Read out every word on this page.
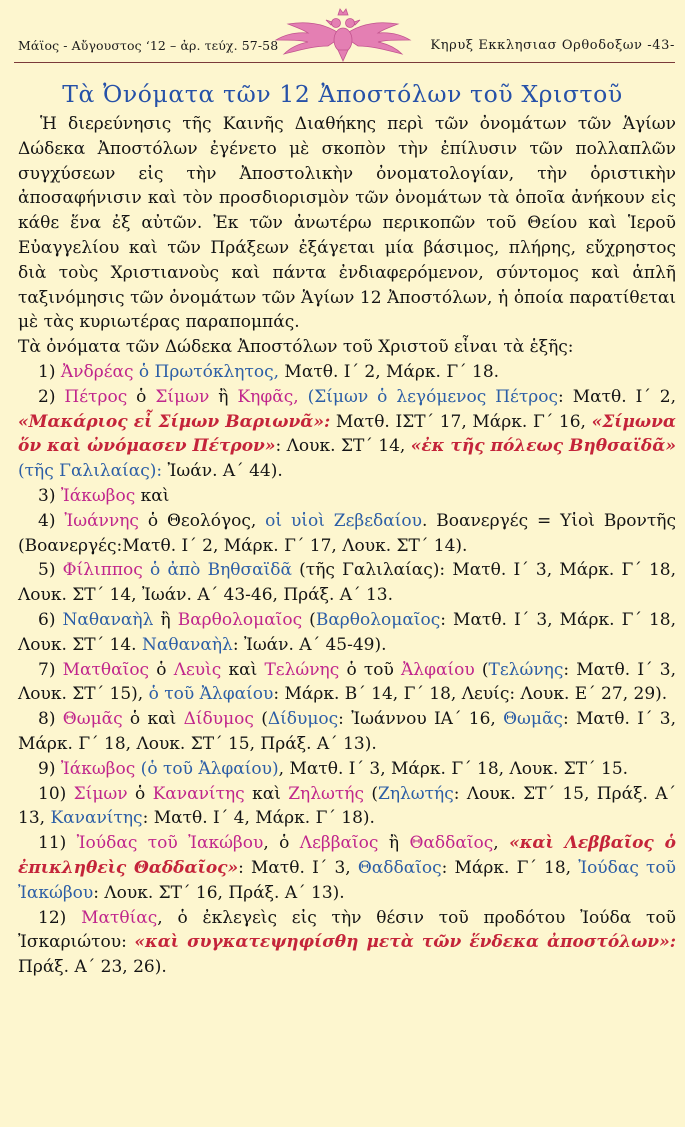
Μάϊος - Αὔγουστος ‘12 – ἀρ. τεύχ. 57-58	Κηρυξ Εκκλησιασ Ορθοδοξων -43-
Τὰ Ὀνόματα τῶν 12 Ἀποστόλων τοῦ Χριστοῦ

Ἡ διερεύνησις τῆς Καινῆς Διαθήκης περὶ τῶν ὀνομάτων τῶν Ἁγίων Δώδεκα Ἀποστόλων ἐγένετο μὲ σκοπὸν τὴν ἐπίλυσιν τῶν πολλαπλῶν συγχύσεων εἰς τὴν Ἀποστολικὴν ὀνοματολογίαν, τὴν ὁριστικὴν ἀποσαφήνισιν καὶ τὸν προσδιορισμὸν τῶν ὀνομάτων τὰ ὁποῖα ἀνήκουν εἰς κάθε ἕνα ἐξ αὐτῶν. Ἐκ τῶν ἀνωτέρω περικοπῶν τοῦ Θείου καὶ Ἱεροῦ Εὐαγγελίου καὶ τῶν Πράξεων ἐξάγεται μία βάσιμος, πλήρης, εὔχρηστος διὰ τοὺς Χριστιανοὺς καὶ πάντα ἐνδιαφερόμενον, σύντομος καὶ ἁπλῆ ταξινόμησις τῶν ὀνομάτων τῶν Ἁγίων 12 Ἀποστόλων, ἡ ὁποία παρατίθεται μὲ τὰς κυριωτέρας παραπομπάς.

Τὰ ὀνόματα τῶν Δώδεκα Ἀποστόλων τοῦ Χριστοῦ εἶναι τὰ ἑξῆς:

1) Ἀνδρέας ὁ Πρωτόκλητος, Ματθ. Ι΄ 2, Μάρκ. Γ΄ 18.

2) Πέτρος ὁ Σίμων ἢ Κηφᾶς, (Σίμων ὁ λεγόμενος Πέτρος: Ματθ. Ι΄ 2, «Μακάριος εἶ Σίμων Βαριωνᾶ»: Ματθ. ΙΣΤ΄ 17, Μάρκ. Γ΄ 16, «Σίμωνα ὅν καὶ ὠνόμασεν Πέτρον»: Λουκ. ΣΤ΄ 14, «ἐκ τῆς πόλεως Βηθσαϊδᾶ» (τῆς Γαλιλαίας): Ἰωάν. Α΄ 44).

3) Ἰάκωβος καὶ

4) Ἰωάννης ὁ Θεολόγος, οἱ υἱοὶ Ζεβεδαίου. Βοανεργές = Υἱοὶ Βροντῆς (Βοανεργές:Ματθ. Ι΄ 2, Μάρκ. Γ΄ 17, Λουκ. ΣΤ΄ 14).

5) Φίλιππος ὁ ἀπὸ Βηθσαϊδᾶ (τῆς Γαλιλαίας): Ματθ. Ι΄ 3, Μάρκ. Γ΄ 18, Λουκ. ΣΤ΄ 14, Ἰωάν. Α΄ 43-46, Πράξ. Α΄ 13.

6) Ναθαναὴλ ἢ Βαρθολομαῖος (Βαρθολομαῖος: Ματθ. Ι΄ 3, Μάρκ. Γ΄ 18, Λουκ. ΣΤ΄ 14. Ναθαναὴλ: Ἰωάν. Α΄ 45-49).

7) Ματθαῖος ὁ Λευὶς καὶ Τελώνης ὁ τοῦ Ἀλφαίου (Τελώνης: Ματθ. Ι΄ 3, Λουκ. ΣΤ΄ 15), ὁ τοῦ Ἀλφαίου: Μάρκ. Β΄ 14, Γ΄ 18, Λευίς: Λουκ. Ε΄ 27, 29).

8) Θωμᾶς ὁ καὶ Δίδυμος (Δίδυμος: Ἰωάννου ΙΑ΄ 16, Θωμᾶς: Ματθ. Ι΄ 3, Μάρκ. Γ΄ 18, Λουκ. ΣΤ΄ 15, Πράξ. Α΄ 13).

9) Ἰάκωβος (ὁ τοῦ Ἀλφαίου), Ματθ. Ι΄ 3, Μάρκ. Γ΄ 18, Λουκ. ΣΤ΄ 15.

10) Σίμων ὁ Κανανίτης καὶ Ζηλωτής (Ζηλωτής: Λουκ. ΣΤ΄ 15, Πράξ. Α΄ 13, Κανανίτης: Ματθ. Ι΄ 4, Μάρκ. Γ΄ 18).

11) Ἰούδας τοῦ Ἰακώβου, ὁ Λεββαῖος ἢ Θαδδαῖος, «καὶ Λεββαῖος ὁ ἐπικληθεὶς Θαδδαῖος»: Ματθ. Ι΄ 3, Θαδδαῖος: Μάρκ. Γ΄ 18, Ἰούδας τοῦ Ἰακώβου: Λουκ. ΣΤ΄ 16, Πράξ. Α΄ 13).

12) Ματθίας, ὁ ἐκλεγεὶς εἰς τὴν θέσιν τοῦ προδότου Ἰούδα τοῦ Ἰσκαριώτου: «καὶ συγκατεψηφίσθη μετὰ τῶν ἕνδεκα ἀποστόλων»: Πράξ. Α΄ 23, 26).
